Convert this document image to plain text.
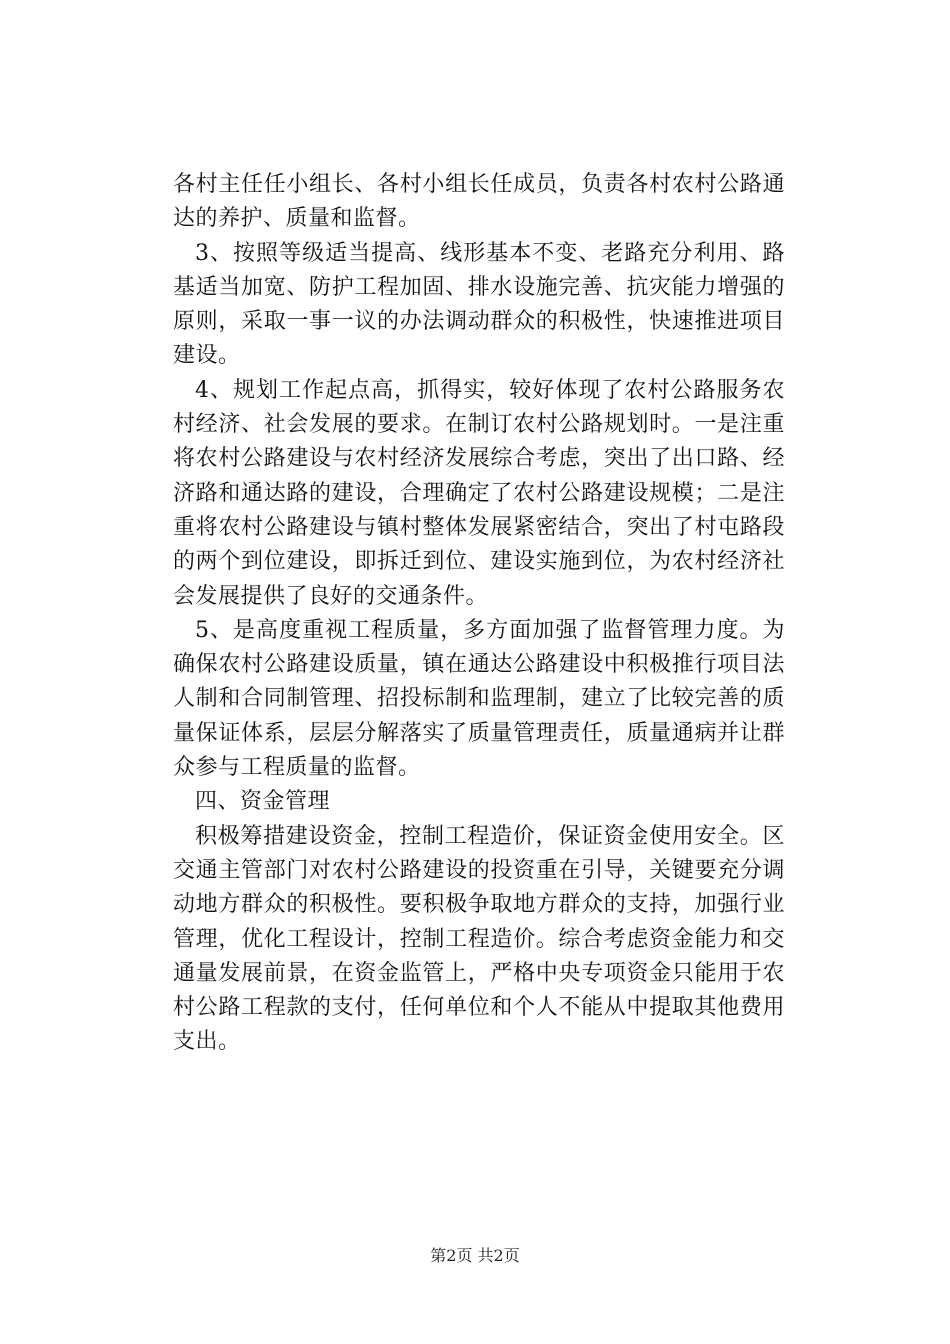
各村主任任小组长、各村小组长任成员，负责各村农村公路通达的养护、质量和监督。

3、按照等级适当提高、线形基本不变、老路充分利用、路基适当加宽、防护工程加固、排水设施完善、抗灾能力增强的原则，采取一事一议的办法调动群众的积极性，快速推进项目建设。

4、规划工作起点高，抓得实，较好体现了农村公路服务农村经济、社会发展的要求。在制订农村公路规划时。一是注重将农村公路建设与农村经济发展综合考虑，突出了出口路、经济路和通达路的建设，合理确定了农村公路建设规模；二是注重将农村公路建设与镇村整体发展紧密结合，突出了村屯路段的两个到位建设，即拆迁到位、建设实施到位，为农村经济社会发展提供了良好的交通条件。

5、是高度重视工程质量，多方面加强了监督管理力度。为确保农村公路建设质量，镇在通达公路建设中积极推行项目法人制和合同制管理、招投标制和监理制，建立了比较完善的质量保证体系，层层分解落实了质量管理责任，质量通病并让群众参与工程质量的监督。

四、资金管理

积极筹措建设资金，控制工程造价，保证资金使用安全。区交通主管部门对农村公路建设的投资重在引导，关键要充分调动地方群众的积极性。要积极争取地方群众的支持，加强行业管理，优化工程设计，控制工程造价。综合考虑资金能力和交通量发展前景，在资金监管上，严格中央专项资金只能用于农村公路工程款的支付，任何单位和个人不能从中提取其他费用支出。

第2页 共2页
